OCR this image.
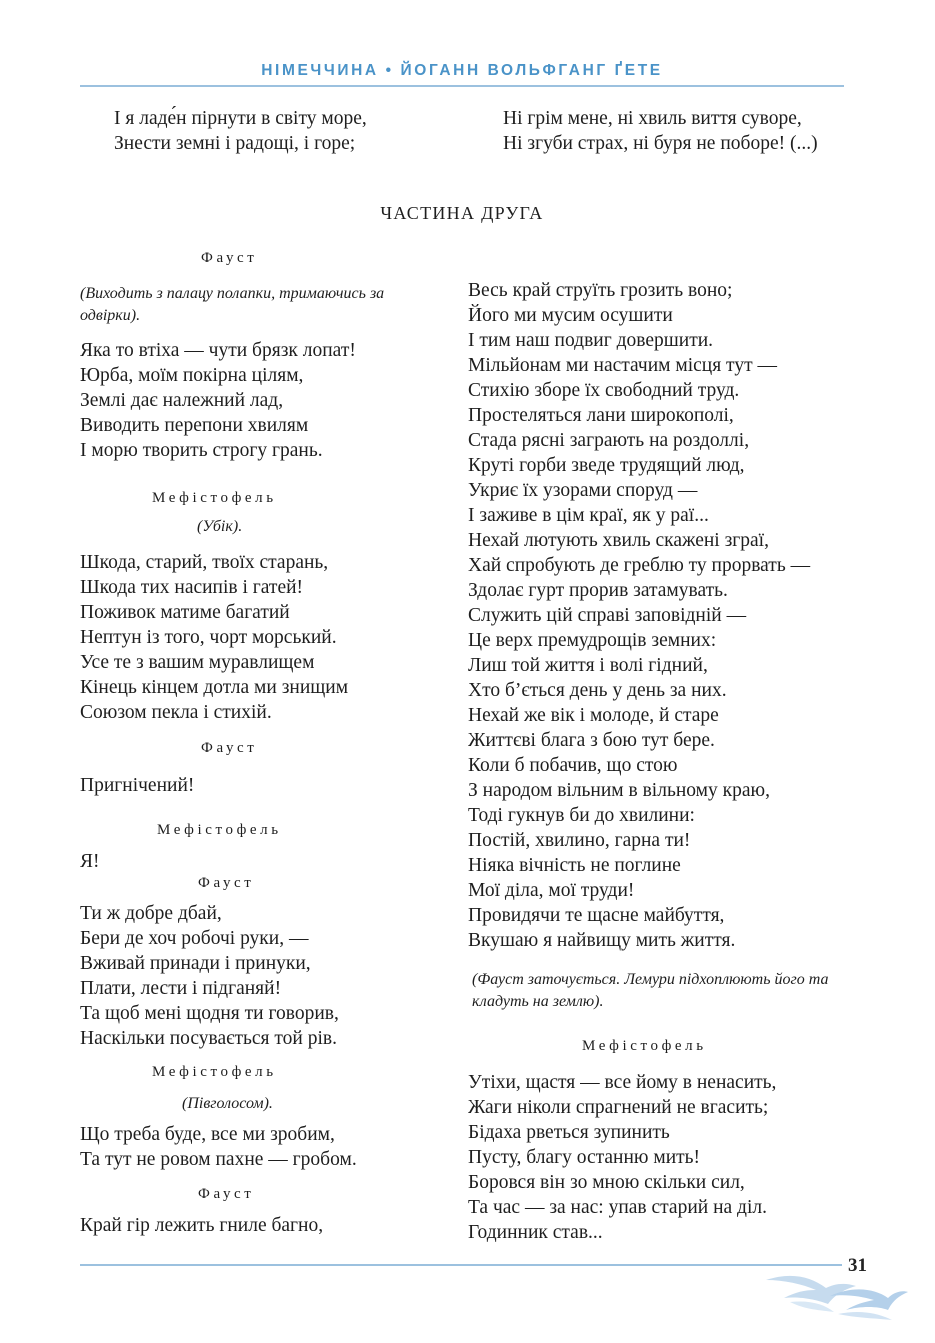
НІМЕЧЧИНА • ЙОГАНН ВОЛЬФГАНГ ҐЕТЕ
І я ладе́н пірнути в світу море,
Знести земні і радощі, і горе;
Ні грім мене, ні хвиль виття суворе,
Ні згуби страх, ні буря не поборе! (...)
ЧАСТИНА ДРУГА
Фауст
(Виходить з палацу полапки, тримаючись за одвірки).
Яка то втіха — чути брязк лопат!
Юрба, моїм покірна цілям,
Землі дає належний лад,
Виводить перепони хвилям
І морю творить строгу грань.
Мефістофель
(Убік).
Шкода, старий, твоїх старань,
Шкода тих насипів і гатей!
Поживок матиме багатий
Нептун із того, чорт морський.
Усе те з вашим муравлищем
Кінець кінцем дотла ми знищим
Союзом пекла і стихій.
Фауст
Пригнічений!
Мефістофель
Я!
Фауст
Ти ж добре дбай,
Бери де хоч робочі руки, —
Вживай принади і принуки,
Плати, лести і підганяй!
Та щоб мені щодня ти говорив,
Наскільки посувається той рів.
Мефістофель
(Півголосом).
Що треба буде, все ми зробим,
Та тут не ровом пахне — гробом.
Фауст
Край гір лежить гниле багно,
Весь край струїть грозить воно;
Його ми мусим осушити
І тим наш подвиг довершити.
Мільйонам ми настачим місця тут —
Стихію зборе їх свободний труд.
Простеляться лани широкополі,
Стада рясні заграють на роздоллі,
Круті горби зведе трудящий люд,
Укриє їх узорами споруд —
І заживе в цім краї, як у раї...
Нехай лютують хвиль скажені зграї,
Хай спробують де греблю ту прорвать —
Здолає гурт прорив затамувать.
Служить цій справі заповідній —
Це верх премудрощів земних:
Лиш той життя і волі гідний,
Хто б’ється день у день за них.
Нехай же вік і молоде, й старе
Життєві блага з бою тут бере.
Коли б побачив, що стою
З народом вільним в вільному краю,
Тоді гукнув би до хвилини:
Постій, хвилино, гарна ти!
Ніяка вічність не поглине
Мої діла, мої труди!
Провидячи те щасне майбуття,
Вкушаю я найвищу мить життя.
(Фауст заточується. Лемури підхоплюють його та кладуть на землю).
Мефістофель
Утіхи, щастя — все йому в ненасить,
Жаги ніколи спрагнений не вгасить;
Бідаха рветься зупинить
Пусту, благу останню мить!
Боровся він зо мною скільки сил,
Та час — за нас: упав старий на діл.
Годинник став...
31
